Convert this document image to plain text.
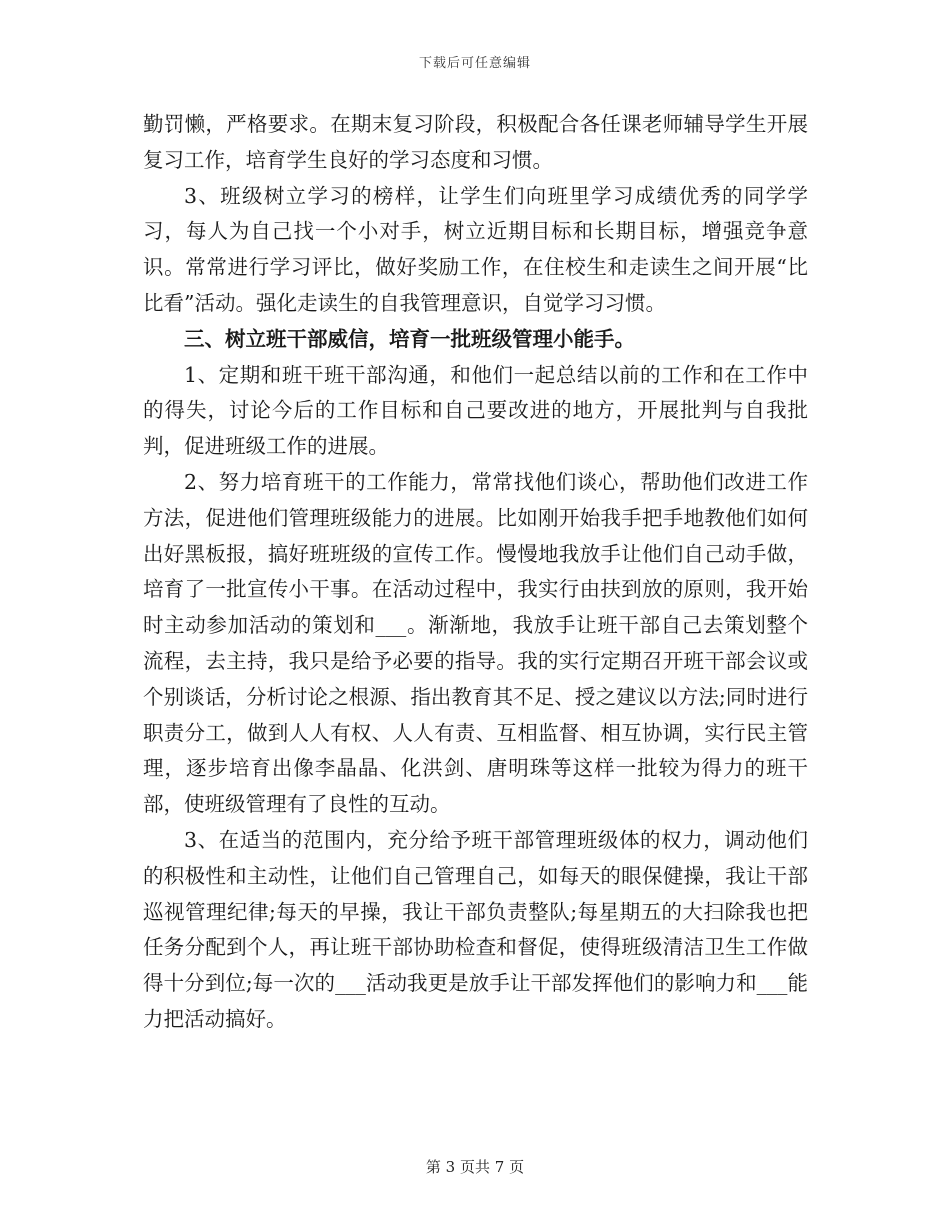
下载后可任意编辑

勤罚懒，严格要求。在期末复习阶段，积极配合各任课老师辅导学生开展复习工作，培育学生良好的学习态度和习惯。

3、班级树立学习的榜样，让学生们向班里学习成绩优秀的同学学习，每人为自己找一个小对手，树立近期目标和长期目标，增强竞争意识。常常进行学习评比，做好奖励工作，在住校生和走读生之间开展“比比看”活动。强化走读生的自我管理意识，自觉学习习惯。

三、树立班干部威信，培育一批班级管理小能手。

1、定期和班干班干部沟通，和他们一起总结以前的工作和在工作中的得失，讨论今后的工作目标和自己要改进的地方，开展批判与自我批判，促进班级工作的进展。

2、努力培育班干的工作能力，常常找他们谈心，帮助他们改进工作方法，促进他们管理班级能力的进展。比如刚开始我手把手地教他们如何出好黑板报，搞好班班级的宣传工作。慢慢地我放手让他们自己动手做，培育了一批宣传小干事。在活动过程中，我实行由扶到放的原则，我开始时主动参加活动的策划和___。渐渐地，我放手让班干部自己去策划整个流程，去主持，我只是给予必要的指导。我的实行定期召开班干部会议或个别谈话，分析讨论之根源、指出教育其不足、授之建议以方法;同时进行职责分工，做到人人有权、人人有责、互相监督、相互协调，实行民主管理，逐步培育出像李晶晶、化洪剑、唐明珠等这样一批较为得力的班干部，使班级管理有了良性的互动。

3、在适当的范围内，充分给予班干部管理班级体的权力，调动他们的积极性和主动性，让他们自己管理自己，如每天的眼保健操，我让干部巡视管理纪律;每天的早操，我让干部负责整队;每星期五的大扫除我也把任务分配到个人，再让班干部协助检查和督促，使得班级清洁卫生工作做得十分到位;每一次的___活动我更是放手让干部发挥他们的影响力和___能力把活动搞好。

第 3 页共 7 页
